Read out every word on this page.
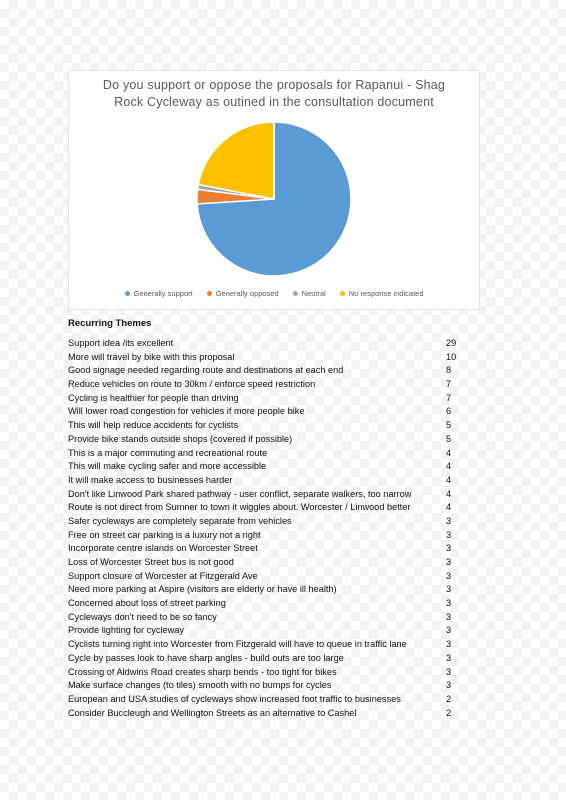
Do you support or oppose the proposals for Rapanui - Shag
Rock Cycleway as outined in the consultation document
Generally support	Generally opposed	Neutral	No response indicated
Recurring Themes
Support idea /its excellent	29
More will travel by bike with this proposal	10
Good signage needed regarding route and destinations at each end	8
Reduce vehicles on route to 30km / enforce speed restriction	7
Cycling is healthier for people than driving	7
Will lower road congestion for vehicles if more people bike	6
This will help reduce accidents for cyclists	5
Provide bike stands outside shops (covered if possible)	5
This is a major commuting and recreational route	4
This will make cycling safer and more accessible	4
It will make access to businesses harder	4
Don't like Linwood Park shared pathway - user conflict, separate walkers, too narrow	4
Route is not direct from Sumner to town it wiggles about. Worcester / Linwood better	4
Safer cycleways are completely separate from vehicles	3
Free on street car parking is a luxury not a right	3
Incorporate centre islands on Worcester Street	3
Loss of Worcester Street bus is not good	3
Support closure of Worcester at Fitzgerald Ave	3
Need more parking at Aspire (visitors are elderly or have ill health)	3
Concerned about loss of street parking	3
Cycleways don't need to be so fancy	3
Provide lighting for cycleway	3
Cyclists turning right into Worcester from Fitzgerald will have to queue in traffic lane	3
Cycle by passes look to have sharp angles - build outs are too large	3
Crossing of Aldwins Road creates sharp bends - too tight for bikes	3
Make surface changes (to tiles) smooth with no bumps for cycles	3
European and USA studies of cycleways show increased foot traffic to businesses	2
Consider Buccleugh and Wellington Streets as an alternative to Cashel	2
